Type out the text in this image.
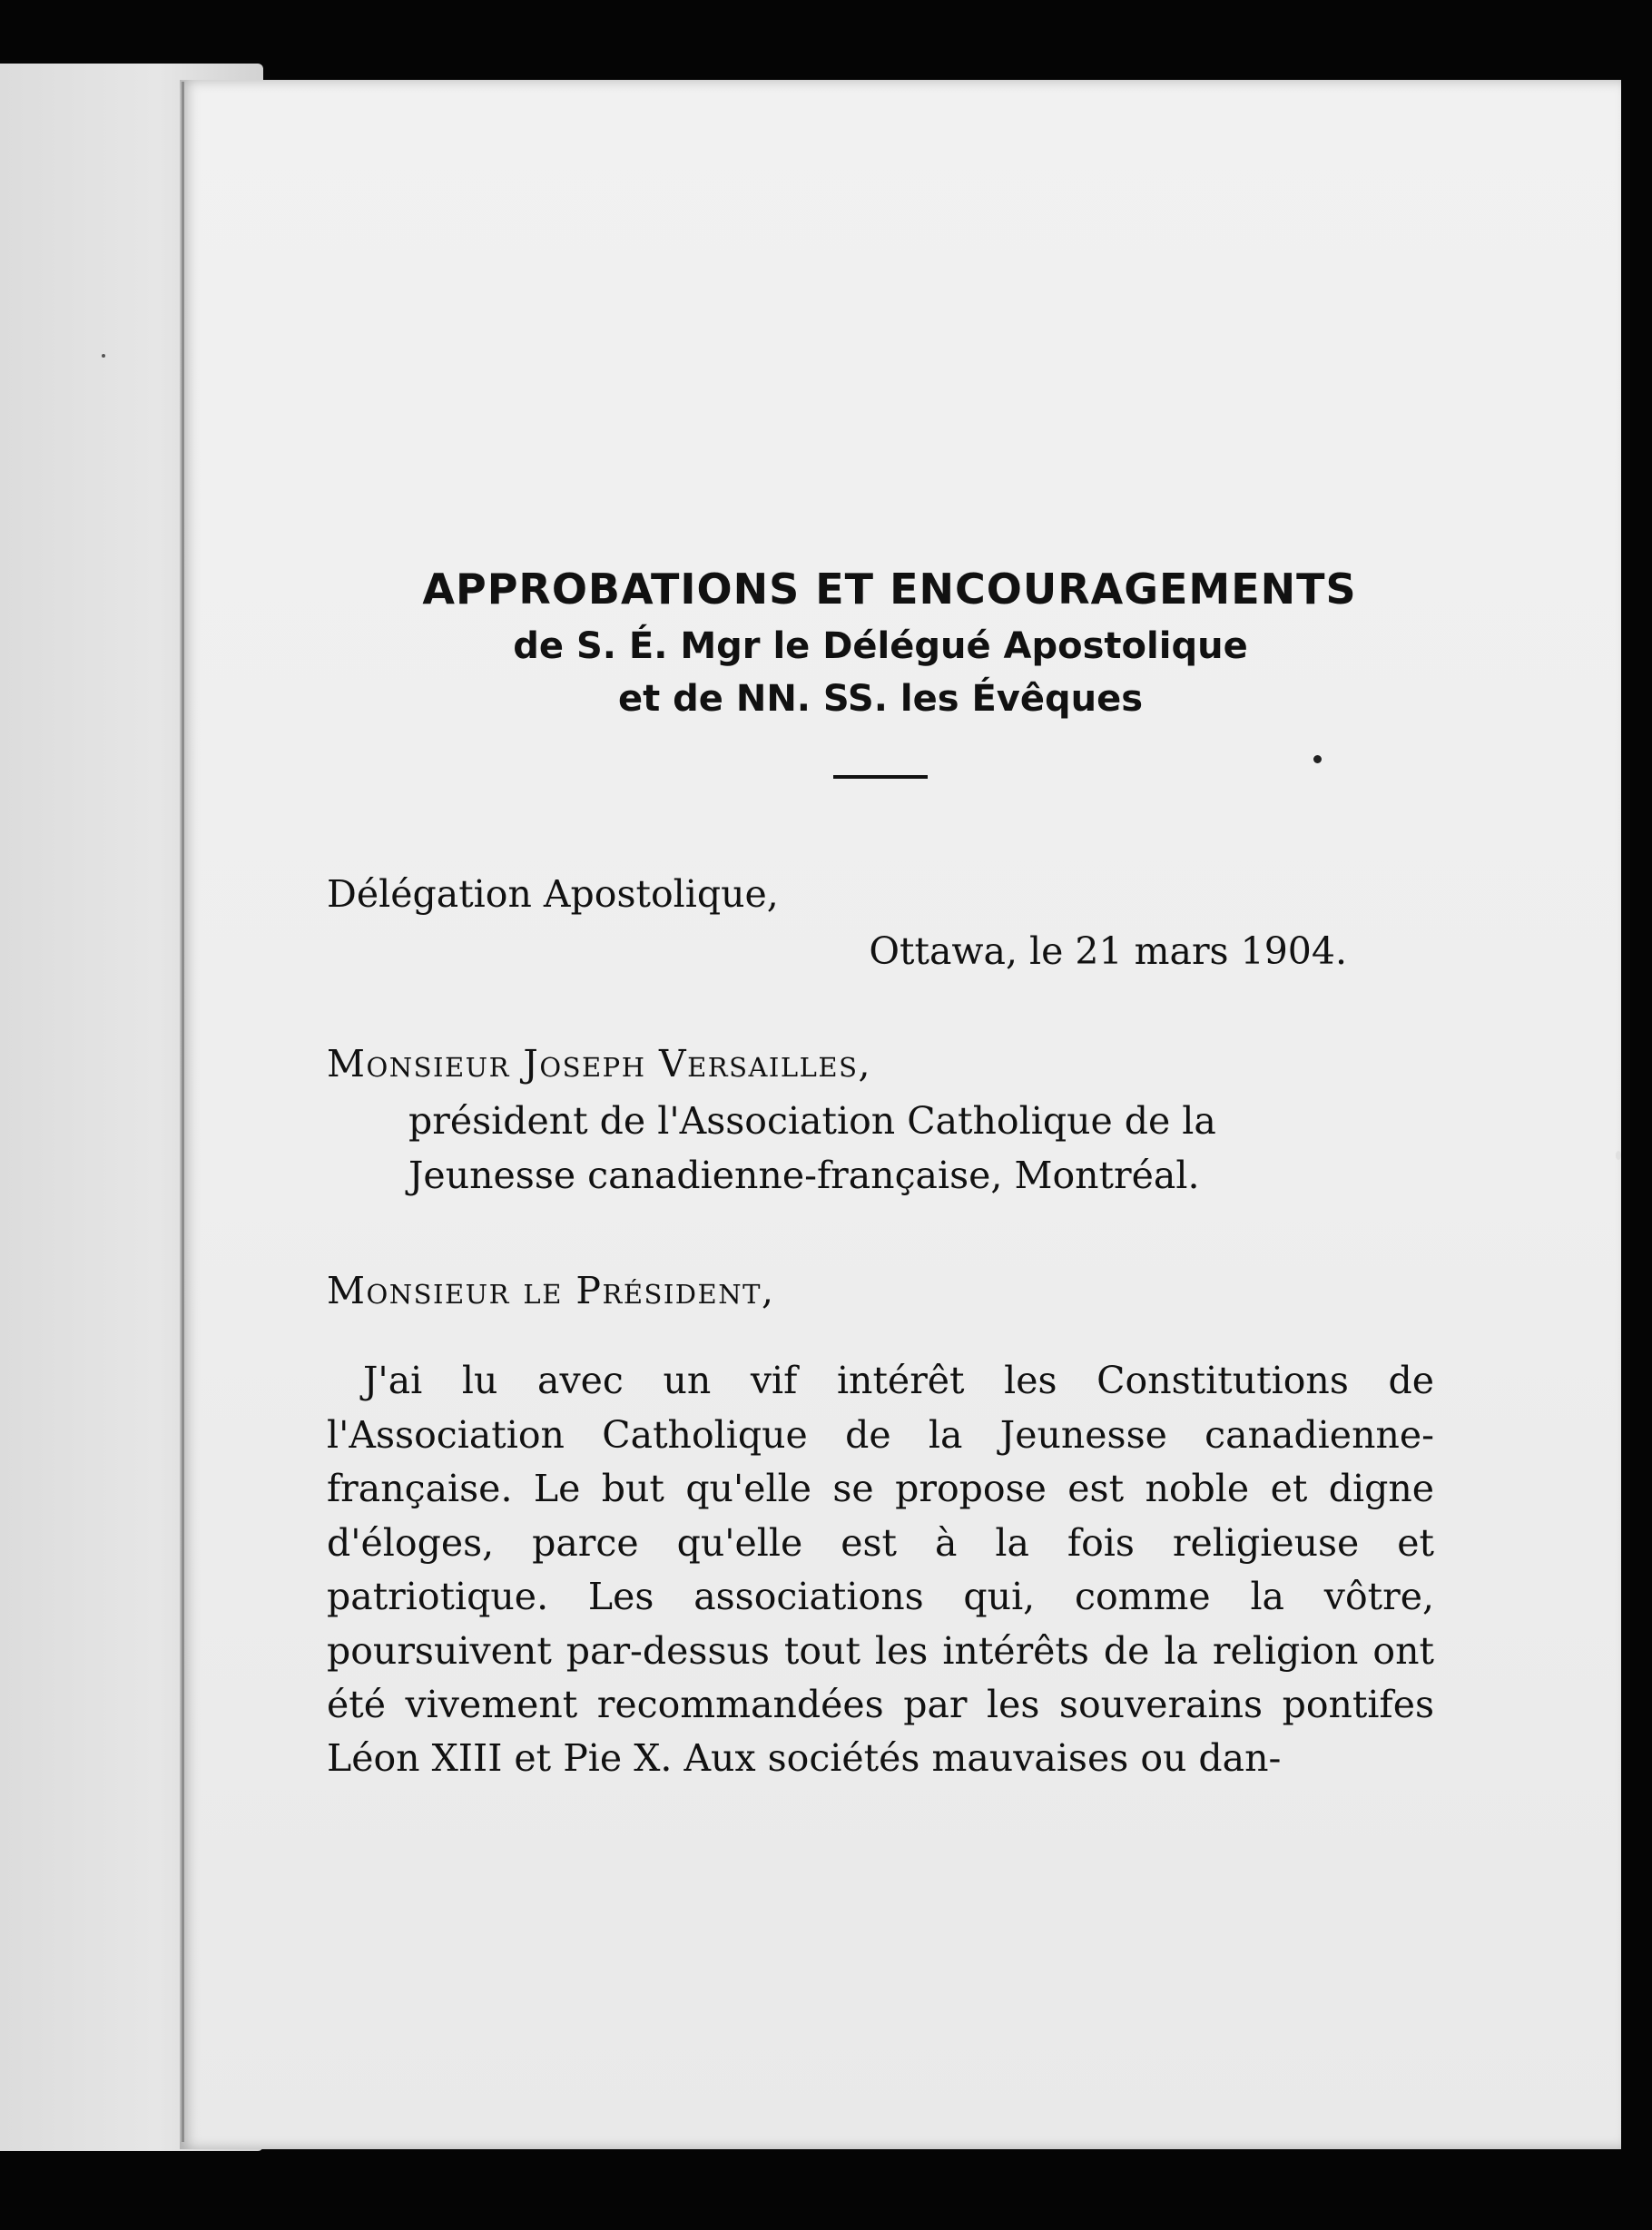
APPROBATIONS ET ENCOURAGEMENTS

de S. É. Mgr le Délégué Apostolique

et de NN. SS. les Évêques

Délégation Apostolique,
Ottawa, le 21 mars 1904.
Monsieur Joseph Versailles,
président de l'Association Catholique de la
Jeunesse canadienne-française, Montréal.
Monsieur le Président,

J'ai lu avec un vif intérêt les Constitutions de l'Association Catholique de la Jeunesse canadienne-française. Le but qu'elle se propose est noble et digne d'éloges, parce qu'elle est à la fois religieuse et patriotique. Les associations qui, comme la vôtre, poursuivent par-dessus tout les intérêts de la religion ont été vivement recommandées par les souverains pontifes Léon XIII et Pie X. Aux sociétés mauvaises ou dan-
